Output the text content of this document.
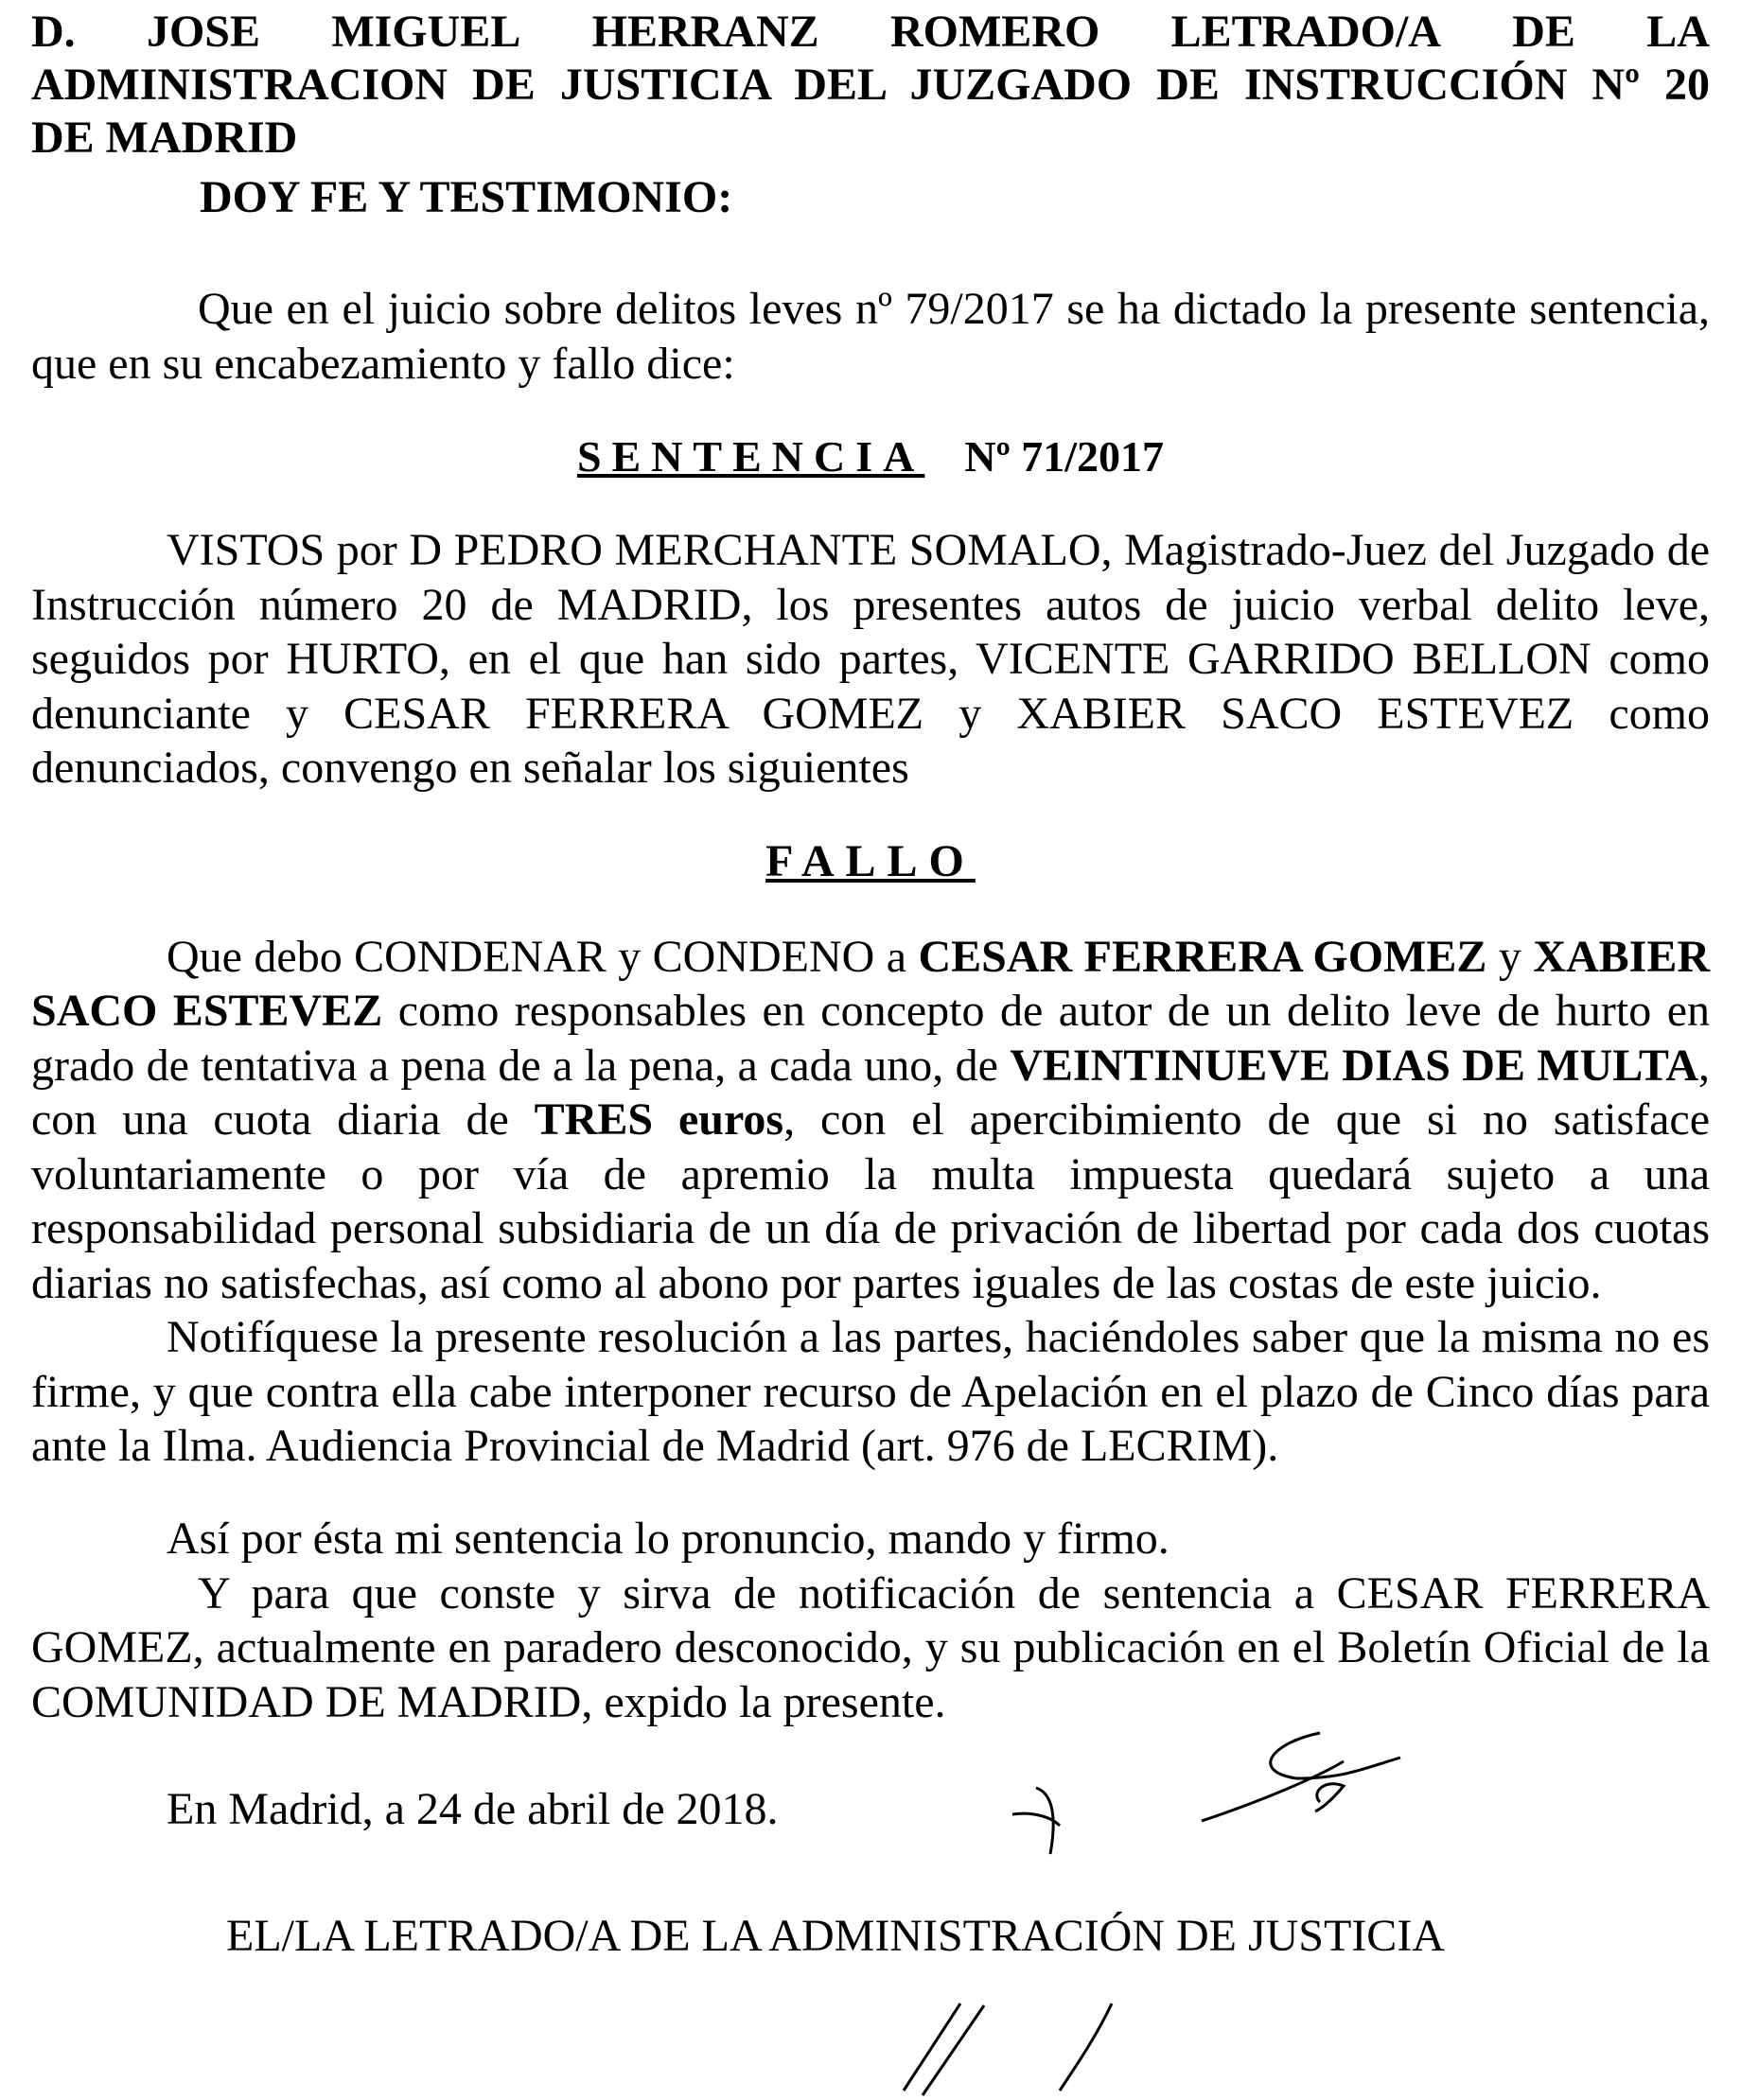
D. JOSE MIGUEL HERRANZ ROMERO LETRADO/A DE LA
ADMINISTRACION DE JUSTICIA DEL JUZGADO DE INSTRUCCIÓN Nº 20
DE MADRID
DOY FE Y TESTIMONIO:

Que en el juicio sobre delitos leves nº 79/2017 se ha dictado la presente sentencia, que en su encabezamiento y fallo dice:

SENTENCIA Nº 71/2017

VISTOS por D PEDRO MERCHANTE SOMALO, Magistrado-Juez del Juzgado de Instrucción número 20 de MADRID, los presentes autos de juicio verbal delito leve, seguidos por HURTO, en el que han sido partes, VICENTE GARRIDO BELLON como denunciante y CESAR FERRERA GOMEZ y XABIER SACO ESTEVEZ como denunciados, convengo en señalar los siguientes

FALLO

Que debo CONDENAR y CONDENO a CESAR FERRERA GOMEZ y XABIER SACO ESTEVEZ como responsables en concepto de autor de un delito leve de hurto en grado de tentativa a pena de a la pena, a cada uno, de VEINTINUEVE DIAS DE MULTA, con una cuota diaria de TRES euros, con el apercibimiento de que si no satisface voluntariamente o por vía de apremio la multa impuesta quedará sujeto a una responsabilidad personal subsidiaria de un día de privación de libertad por cada dos cuotas diarias no satisfechas, así como al abono por partes iguales de las costas de este juicio.

Notifíquese la presente resolución a las partes, haciéndoles saber que la misma no es firme, y que contra ella cabe interponer recurso de Apelación en el plazo de Cinco días para ante la Ilma. Audiencia Provincial de Madrid (art. 976 de LECRIM).

Así por ésta mi sentencia lo pronuncio, mando y firmo.

Y para que conste y sirva de notificación de sentencia a CESAR FERRERA GOMEZ, actualmente en paradero desconocido, y su publicación en el Boletín Oficial de la COMUNIDAD DE MADRID, expido la presente.

En Madrid, a 24 de abril de 2018.
EL/LA LETRADO/A DE LA ADMINISTRACIÓN DE JUSTICIA
